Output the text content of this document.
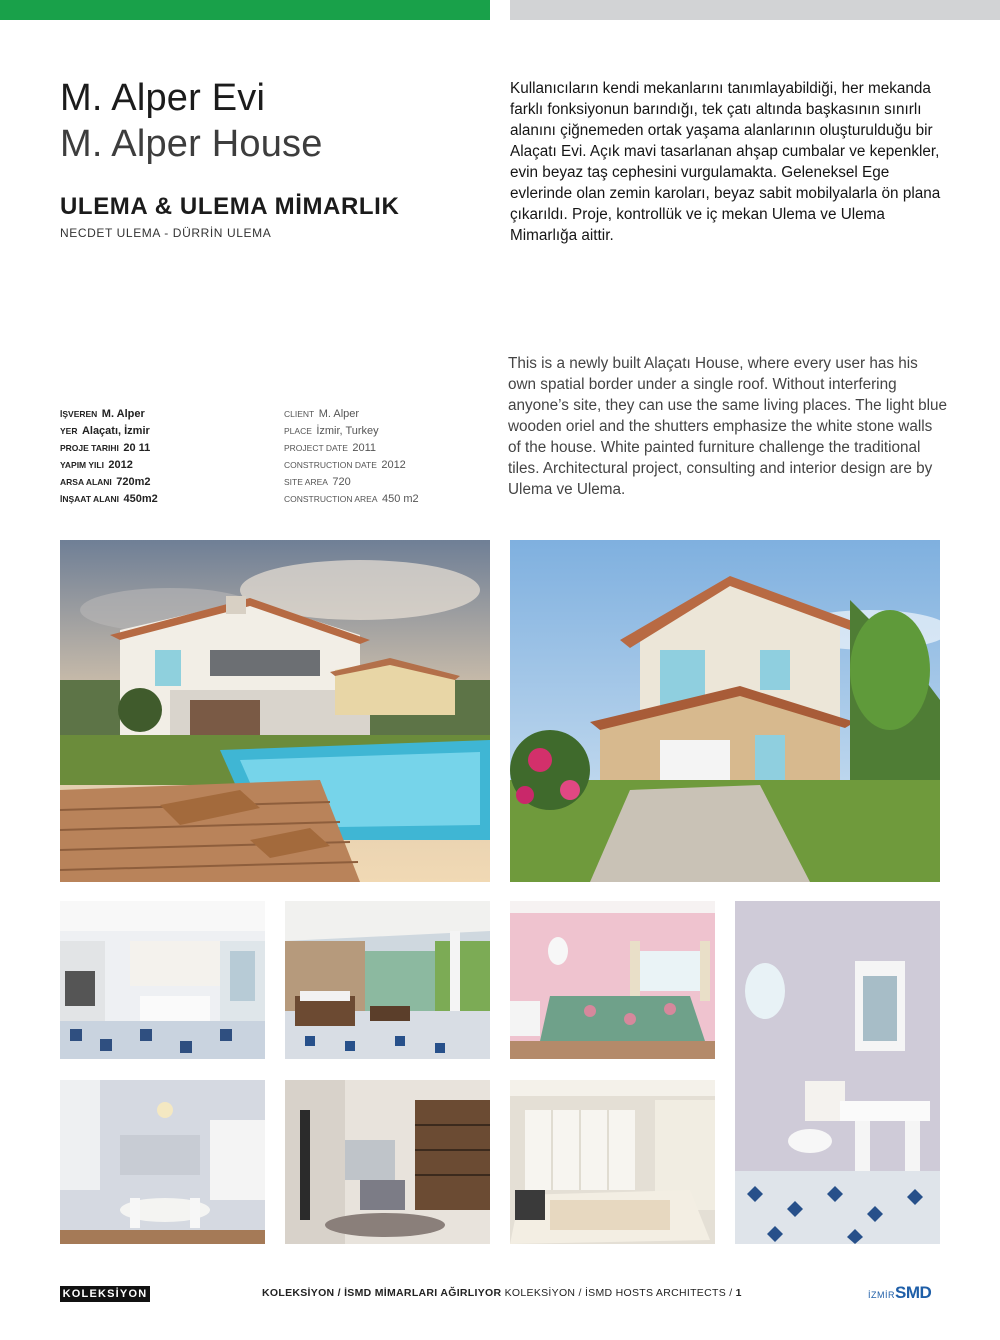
M. Alper Evi
M. Alper House
ULEMA & ULEMA MİMARLIK
NECDET ULEMA - DÜRRİN ULEMA
Kullanıcıların kendi mekanlarını tanımlayabildiği, her mekanda farklı fonksiyonun barındığı, tek çatı altında başkasının sınırlı alanını çiğnemeden ortak yaşama alanlarının oluşturulduğu bir Alaçatı Evi. Açık mavi tasarlanan ahşap cumbalar ve kepenkler, evin beyaz taş cephesini vurgulamakta. Geleneksel Ege evlerinde olan zemin karoları, beyaz sabit mobilyalarla ön plana çıkarıldı. Proje, kontrollük ve iç mekan Ulema ve Ulema Mimarlığa aittir.
This is a newly built Alaçatı House, where every user has his own spatial border under a single roof. Without interfering anyone’s site, they can use the same living places. The light blue wooden oriel and the shutters emphasize the white stone walls of the house. White painted furniture challenge the traditional tiles. Architectural project, consulting and interior design are by Ulema ve Ulema.
İŞVEREN M. Alper
YER Alaçatı, İzmir
PROJE TARIHI 20 11
YAPIM YILI 2012
ARSA ALANI 720m2
İNŞAAT ALANI 450m2
CLIENT M. Alper
PLACE İzmir, Turkey
PROJECT DATE 2011
CONSTRUCTION DATE 2012
SITE AREA 720
CONSTRUCTION AREA 450 m2
KOLEKSİYON	KOLEKSİYON / İSMD MİMARLARI AĞIRLIYOR KOLEKSİYON / İSMD HOSTS ARCHITECTS / 1	İZMİRSMD
